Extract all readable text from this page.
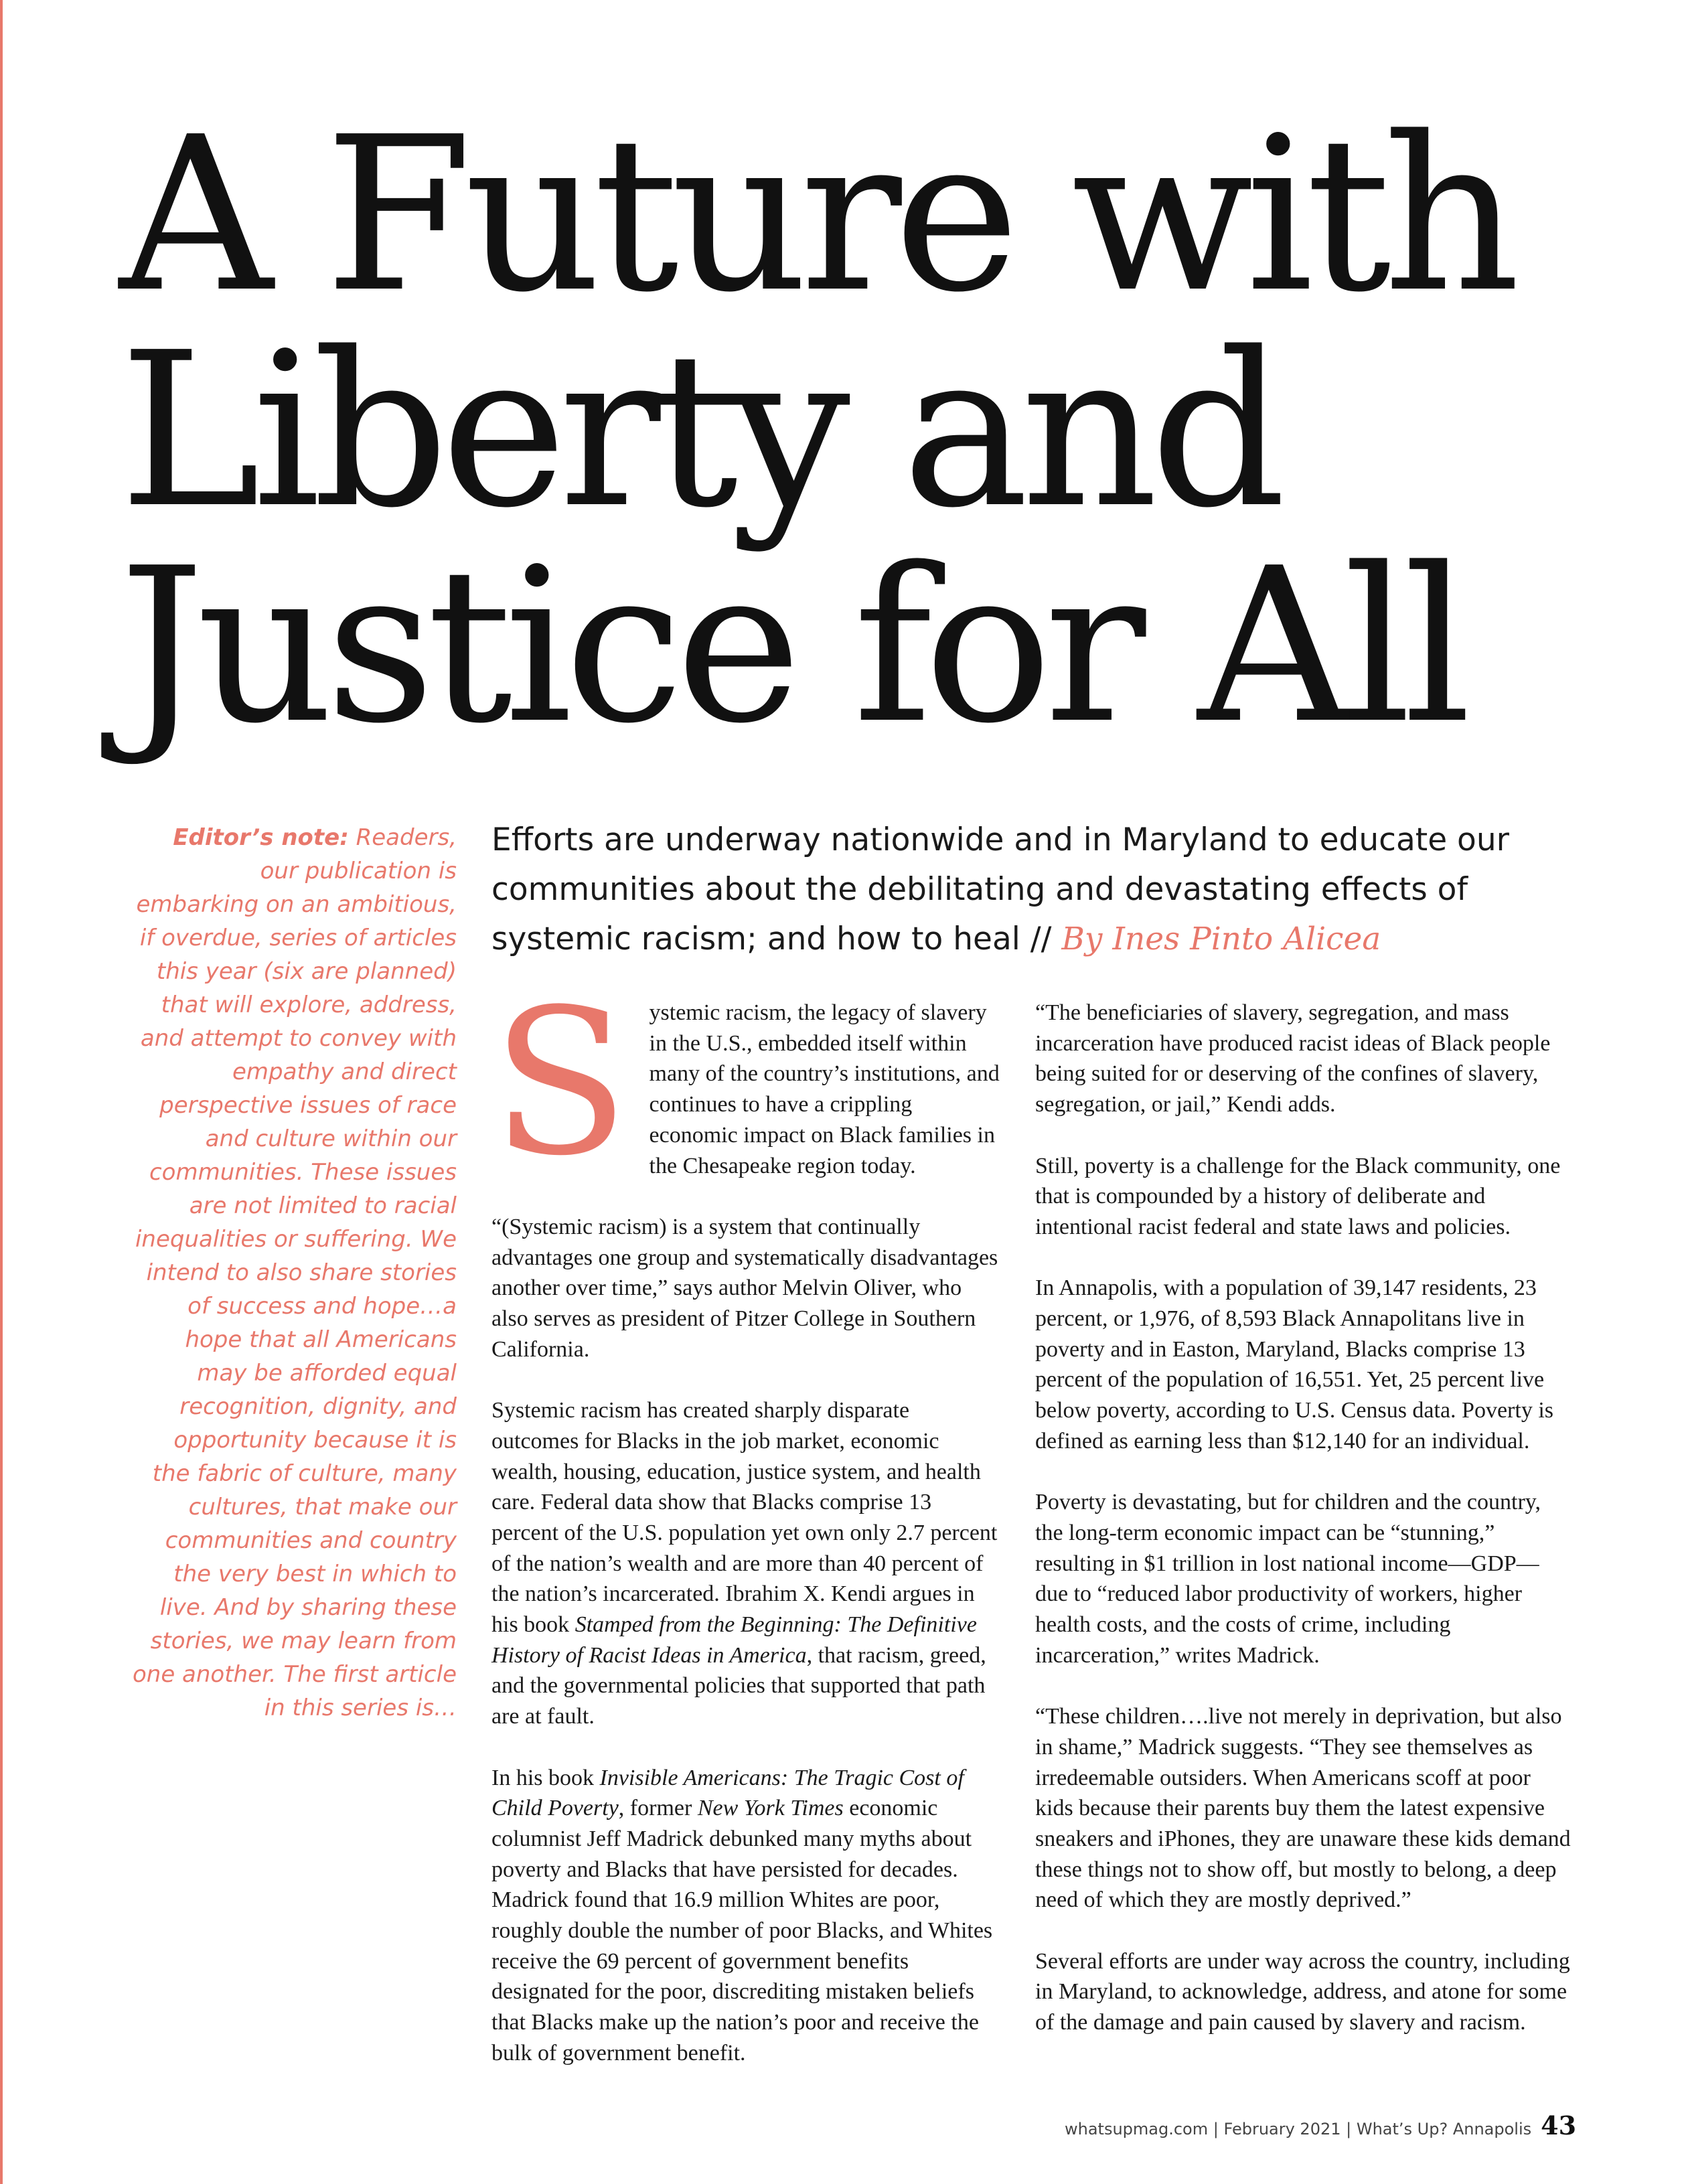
A Future with
Liberty and
Justice for All
Editor’s note: Readers, our publication is embarking on an ambitious, if overdue, series of articles this year (six are planned) that will explore, address, and attempt to convey with empathy and direct perspective issues of race and culture within our communities. These issues are not limited to racial inequalities or suffering. We intend to also share stories of success and hope…a hope that all Americans may be afforded equal recognition, dignity, and opportunity because it is the fabric of culture, many cultures, that make our communities and country the very best in which to live. And by sharing these stories, we may learn from one another. The first article in this series is…
Efforts are underway nationwide and in Maryland to educate our communities about the debilitating and devastating effects of systemic racism; and how to heal // By Ines Pinto Alicea
S ystemic racism, the legacy of slavery in the U.S., embedded itself within many of the country’s institutions, and continues to have a crippling economic impact on Black families in the Chesapeake region today.

“(Systemic racism) is a system that continually advantages one group and systematically disadvantages another over time,” says author Melvin Oliver, who also serves as president of Pitzer College in Southern California.

Systemic racism has created sharply disparate outcomes for Blacks in the job market, economic wealth, housing, education, justice system, and health care. Federal data show that Blacks comprise 13 percent of the U.S. population yet own only 2.7 percent of the nation’s wealth and are more than 40 percent of the nation’s incarcerated. Ibrahim X. Kendi argues in his book Stamped from the Beginning: The Definitive History of Racist Ideas in America, that racism, greed, and the governmental policies that supported that path are at fault.

In his book Invisible Americans: The Tragic Cost of Child Poverty, former New York Times economic columnist Jeff Madrick debunked many myths about poverty and Blacks that have persisted for decades. Madrick found that 16.9 million Whites are poor, roughly double the number of poor Blacks, and Whites receive the 69 percent of government benefits designated for the poor, discrediting mistaken beliefs that Blacks make up the nation’s poor and receive the bulk of government benefit.

“The beneficiaries of slavery, segregation, and mass incarceration have produced racist ideas of Black people being suited for or deserving of the confines of slavery, segregation, or jail,” Kendi adds.

Still, poverty is a challenge for the Black community, one that is compounded by a history of deliberate and intentional racist federal and state laws and policies.

In Annapolis, with a population of 39,147 residents, 23 percent, or 1,976, of 8,593 Black Annapolitans live in poverty and in Easton, Maryland, Blacks comprise 13 percent of the population of 16,551. Yet, 25 percent live below poverty, according to U.S. Census data. Poverty is defined as earning less than $12,140 for an individual.

Poverty is devastating, but for children and the country, the long-term economic impact can be “stunning,” resulting in $1 trillion in lost national income—GDP—due to “reduced labor productivity of workers, higher health costs, and the costs of crime, including incarceration,” writes Madrick.

“These children….live not merely in deprivation, but also in shame,” Madrick suggests. “They see themselves as irredeemable outsiders. When Americans scoff at poor kids because their parents buy them the latest expensive sneakers and iPhones, they are unaware these kids demand these things not to show off, but mostly to belong, a deep need of which they are mostly deprived.”

Several efforts are under way across the country, including in Maryland, to acknowledge, address, and atone for some of the damage and pain caused by slavery and racism.

whatsupmag.com | February 2021 | What’s Up? Annapolis 43
